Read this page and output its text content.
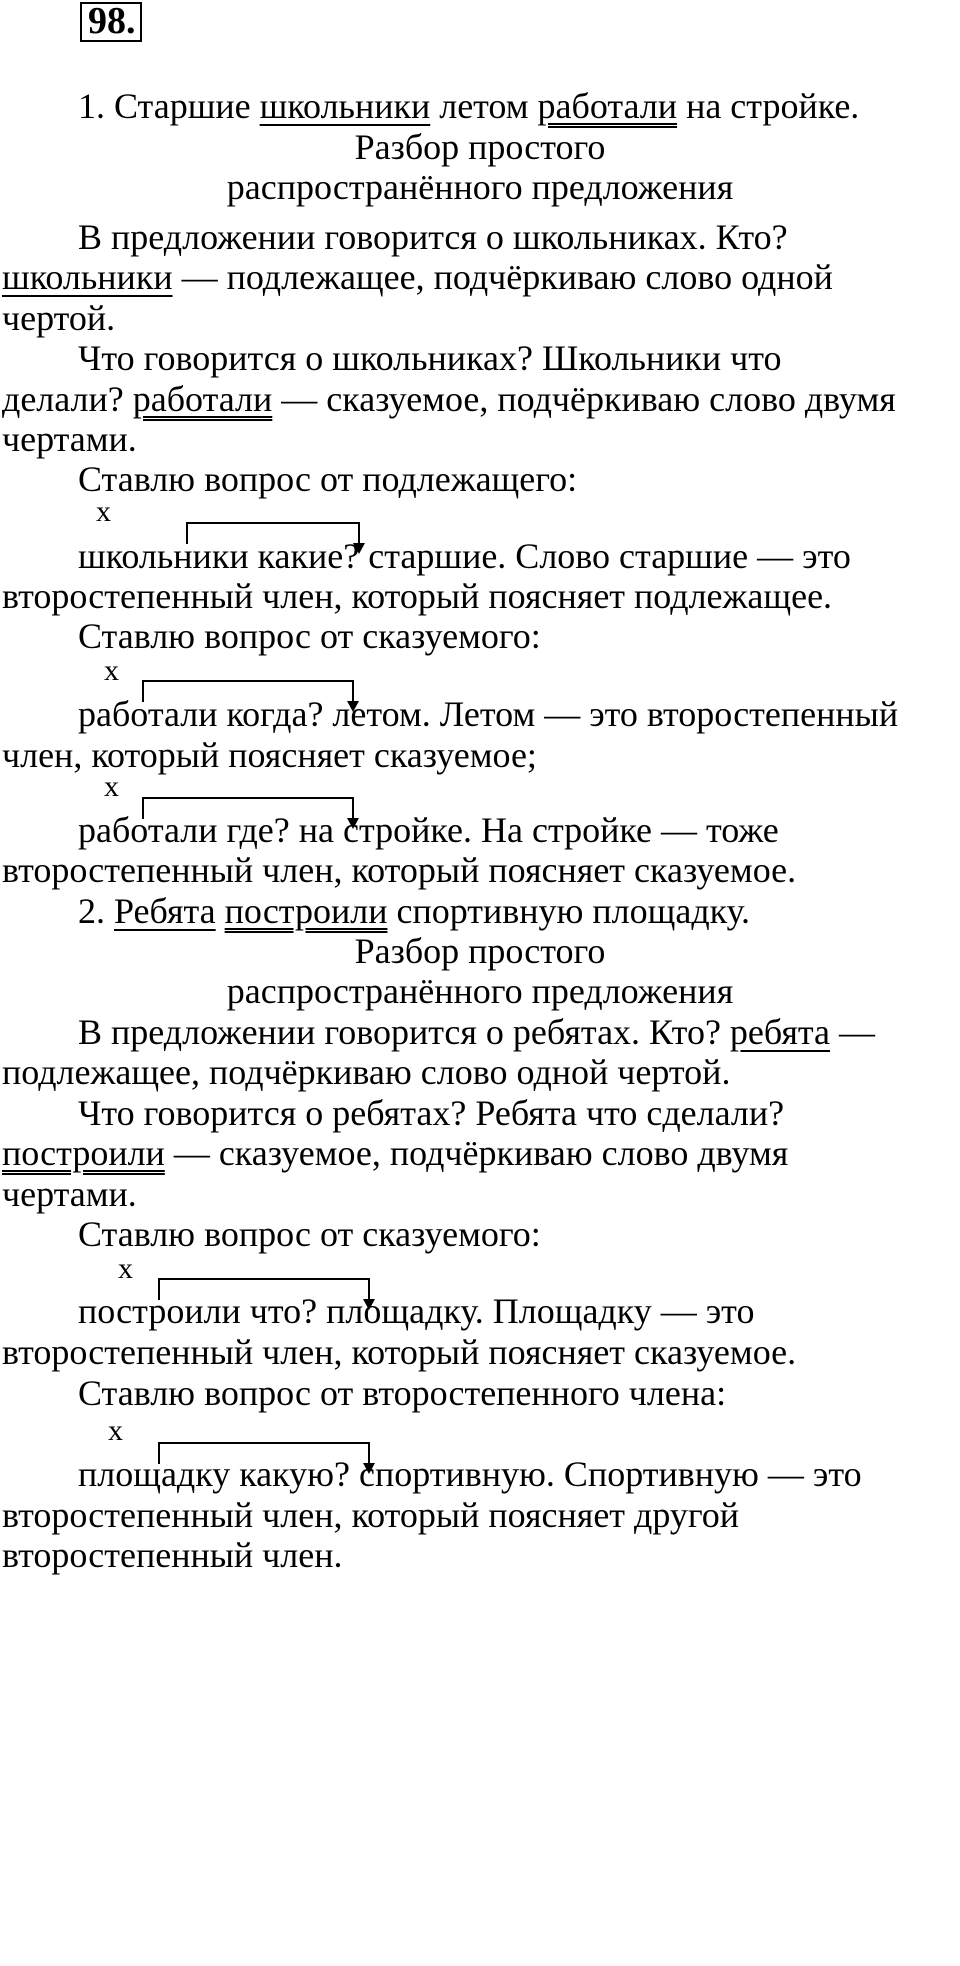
98.
1. Старшие школьники летом работали на стройке.
Разбор простого
распространённого предложения
В предложении говорится о школьниках. Кто?
школьники — подлежащее, подчёркиваю слово одной
чертой.
Что говорится о школьниках? Школьники что
делали? работали — сказуемое, подчёркиваю слово двумя
чертами.
Ставлю вопрос от подлежащего:
х
школьники какие? старшие. Слово старшие — это
второстепенный член, который поясняет подлежащее.
Ставлю вопрос от сказуемого:
х
работали когда? летом. Летом — это второстепенный
член, который поясняет сказуемое;
х
работали где? на стройке. На стройке — тоже
второстепенный член, который поясняет сказуемое.
2. Ребята построили спортивную площадку.
Разбор простого
распространённого предложения
В предложении говорится о ребятах. Кто? ребята —
подлежащее, подчёркиваю слово одной чертой.
Что говорится о ребятах? Ребята что сделали?
построили — сказуемое, подчёркиваю слово двумя
чертами.
Ставлю вопрос от сказуемого:
х
построили что? площадку. Площадку — это
второстепенный член, который поясняет сказуемое.
Ставлю вопрос от второстепенного члена:
х
площадку какую? спортивную. Спортивную — это
второстепенный член, который поясняет другой
второстепенный член.
